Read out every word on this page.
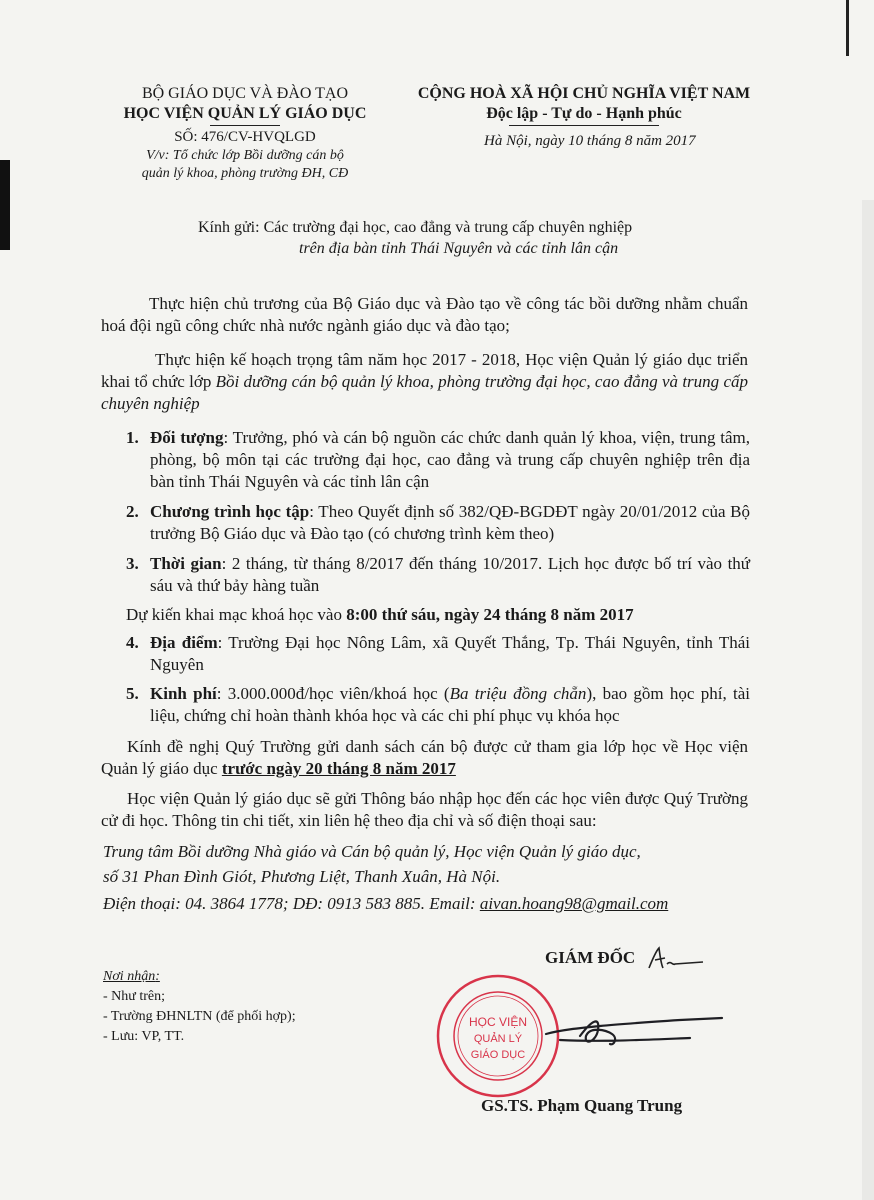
BỘ GIÁO DỤC VÀ ĐÀO TẠO
HỌC VIỆN QUẢN LÝ GIÁO DỤC
SỐ: 476/CV-HVQLGD
V/v: Tổ chức lớp Bồi dưỡng cán bộ
quản lý khoa, phòng trường ĐH, CĐ
CỘNG HOÀ XÃ HỘI CHỦ NGHĨA VIỆT NAM
Độc lập - Tự do - Hạnh phúc
Hà Nội, ngày 10 tháng 8 năm 2017
Kính gửi: Các trường đại học, cao đẳng và trung cấp chuyên nghiệp
trên địa bàn tỉnh Thái Nguyên và các tỉnh lân cận
Thực hiện chủ trương của Bộ Giáo dục và Đào tạo về công tác bồi dưỡng nhằm chuẩn hoá đội ngũ công chức nhà nước ngành giáo dục và đào tạo;
Thực hiện kế hoạch trọng tâm năm học 2017 - 2018, Học viện Quản lý giáo dục triển khai tổ chức lớp Bồi dưỡng cán bộ quản lý khoa, phòng trường đại học, cao đẳng và trung cấp chuyên nghiệp
1. Đối tượng: Trưởng, phó và cán bộ nguồn các chức danh quản lý khoa, viện, trung tâm, phòng, bộ môn tại các trường đại học, cao đẳng và trung cấp chuyên nghiệp trên địa bàn tỉnh Thái Nguyên và các tỉnh lân cận
2. Chương trình học tập: Theo Quyết định số 382/QĐ-BGDĐT ngày 20/01/2012 của Bộ trưởng Bộ Giáo dục và Đào tạo (có chương trình kèm theo)
3. Thời gian: 2 tháng, từ tháng 8/2017 đến tháng 10/2017. Lịch học được bố trí vào thứ sáu và thứ bảy hàng tuần
Dự kiến khai mạc khoá học vào 8:00 thứ sáu, ngày 24 tháng 8 năm 2017
4. Địa điểm: Trường Đại học Nông Lâm, xã Quyết Thắng, Tp. Thái Nguyên, tỉnh Thái Nguyên
5. Kinh phí: 3.000.000đ/học viên/khoá học (Ba triệu đồng chẵn), bao gồm học phí, tài liệu, chứng chỉ hoàn thành khóa học và các chi phí phục vụ khóa học
Kính đề nghị Quý Trường gửi danh sách cán bộ được cử tham gia lớp học về Học viện Quản lý giáo dục trước ngày 20 tháng 8 năm 2017
Học viện Quản lý giáo dục sẽ gửi Thông báo nhập học đến các học viên được Quý Trường cử đi học. Thông tin chi tiết, xin liên hệ theo địa chỉ và số điện thoại sau:
Trung tâm Bồi dưỡng Nhà giáo và Cán bộ quản lý, Học viện Quản lý giáo dục,
số 31 Phan Đình Giót, Phương Liệt, Thanh Xuân, Hà Nội.
Điện thoại: 04. 3864 1778; DĐ: 0913 583 885. Email: aivan.hoang98@gmail.com
GIÁM ĐỐC
Nơi nhận:
- Như trên;
- Trường ĐHNLTN (để phối hợp);
- Lưu: VP, TT.
HỌC VIỆN
QUẢN LÝ
GIÁO DỤC
GS.TS. Phạm Quang Trung
